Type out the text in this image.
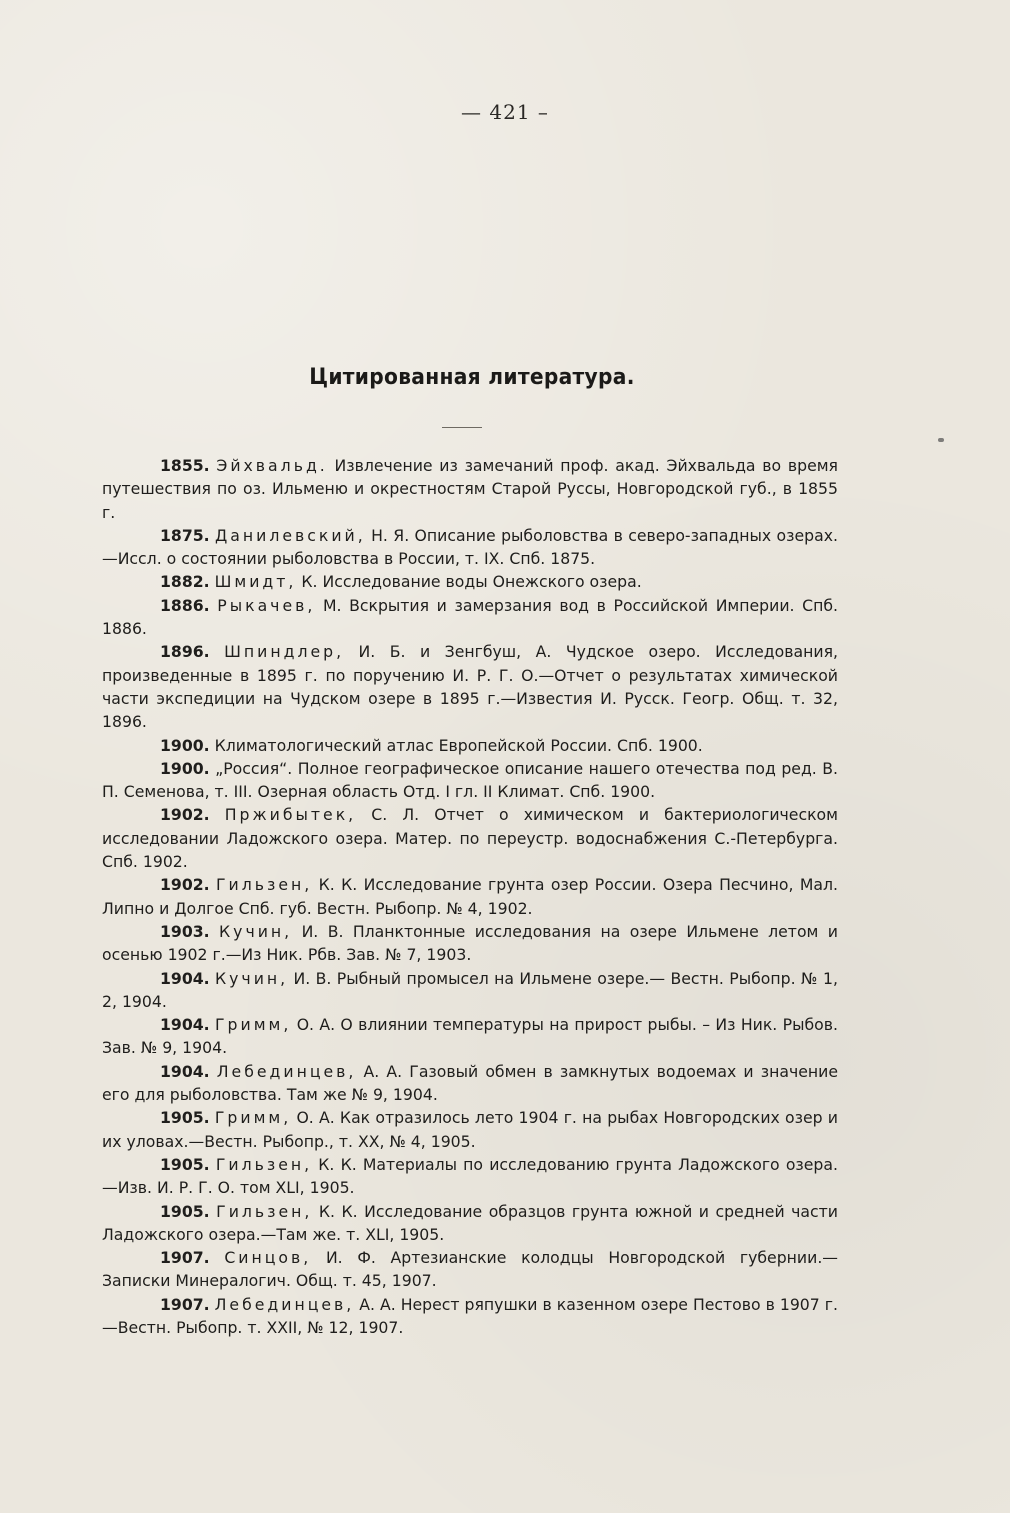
— 421 –
Цитированная литература.

1855. Эйхвальд. Извлечение из замечаний проф. акад. Эйхвальда во время путешествия по оз. Ильменю и окрестностям Старой Руссы, Новгородской губ., в 1855 г.

1875. Данилевский, Н. Я. Описание рыболовства в северо-западных озерах.—Иссл. о состоянии рыболовства в России, т. IX. Спб. 1875.

1882. Шмидт, К. Исследование воды Онежского озера.

1886. Рыкачев, М. Вскрытия и замерзания вод в Российской Империи. Спб. 1886.

1896. Шпиндлер, И. Б. и Зенгбуш, А. Чудское озеро. Исследования, произведенные в 1895 г. по поручению И. Р. Г. О.—Отчет о результатах химической части экспедиции на Чудском озере в 1895 г.—Известия И. Русск. Геогр. Общ. т. 32, 1896.

1900. Климатологический атлас Европейской России. Спб. 1900.

1900. „Россия“. Полное географическое описание нашего отечества под ред. В. П. Семенова, т. III. Озерная область Отд. I гл. II Климат. Спб. 1900.

1902. Пржибытек, С. Л. Отчет о химическом и бактериологическом исследовании Ладожского озера. Матер. по переустр. водоснабжения С.-Петербурга. Спб. 1902.

1902. Гильзен, К. К. Исследование грунта озер России. Озера Песчино, Мал. Липно и Долгое Спб. губ. Вестн. Рыбопр. № 4, 1902.

1903. Кучин, И. В. Планктонные исследования на озере Ильмене летом и осенью 1902 г.—Из Ник. Рбв. Зав. № 7, 1903.

1904. Кучин, И. В. Рыбный промысел на Ильмене озере.— Вестн. Рыбопр. № 1, 2, 1904.

1904. Гримм, О. А. О влиянии температуры на прирост рыбы. – Из Ник. Рыбов. Зав. № 9, 1904.

1904. Лебединцев, А. А. Газовый обмен в замкнутых водоемах и значение его для рыболовства. Там же № 9, 1904.

1905. Гримм, О. А. Как отразилось лето 1904 г. на рыбах Новгородских озер и их уловах.—Вестн. Рыбопр., т. XX, № 4, 1905.

1905. Гильзен, К. К. Материалы по исследованию грунта Ладожского озера.—Изв. И. Р. Г. О. том XLI, 1905.

1905. Гильзен, К. К. Исследование образцов грунта южной и средней части Ладожского озера.—Там же. т. XLI, 1905.

1907. Синцов, И. Ф. Артезианские колодцы Новгородской губернии.—Записки Минералогич. Общ. т. 45, 1907.

1907. Лебединцев, А. А. Нерест ряпушки в казенном озере Пестово в 1907 г.—Вестн. Рыбопр. т. XXII, № 12, 1907.
